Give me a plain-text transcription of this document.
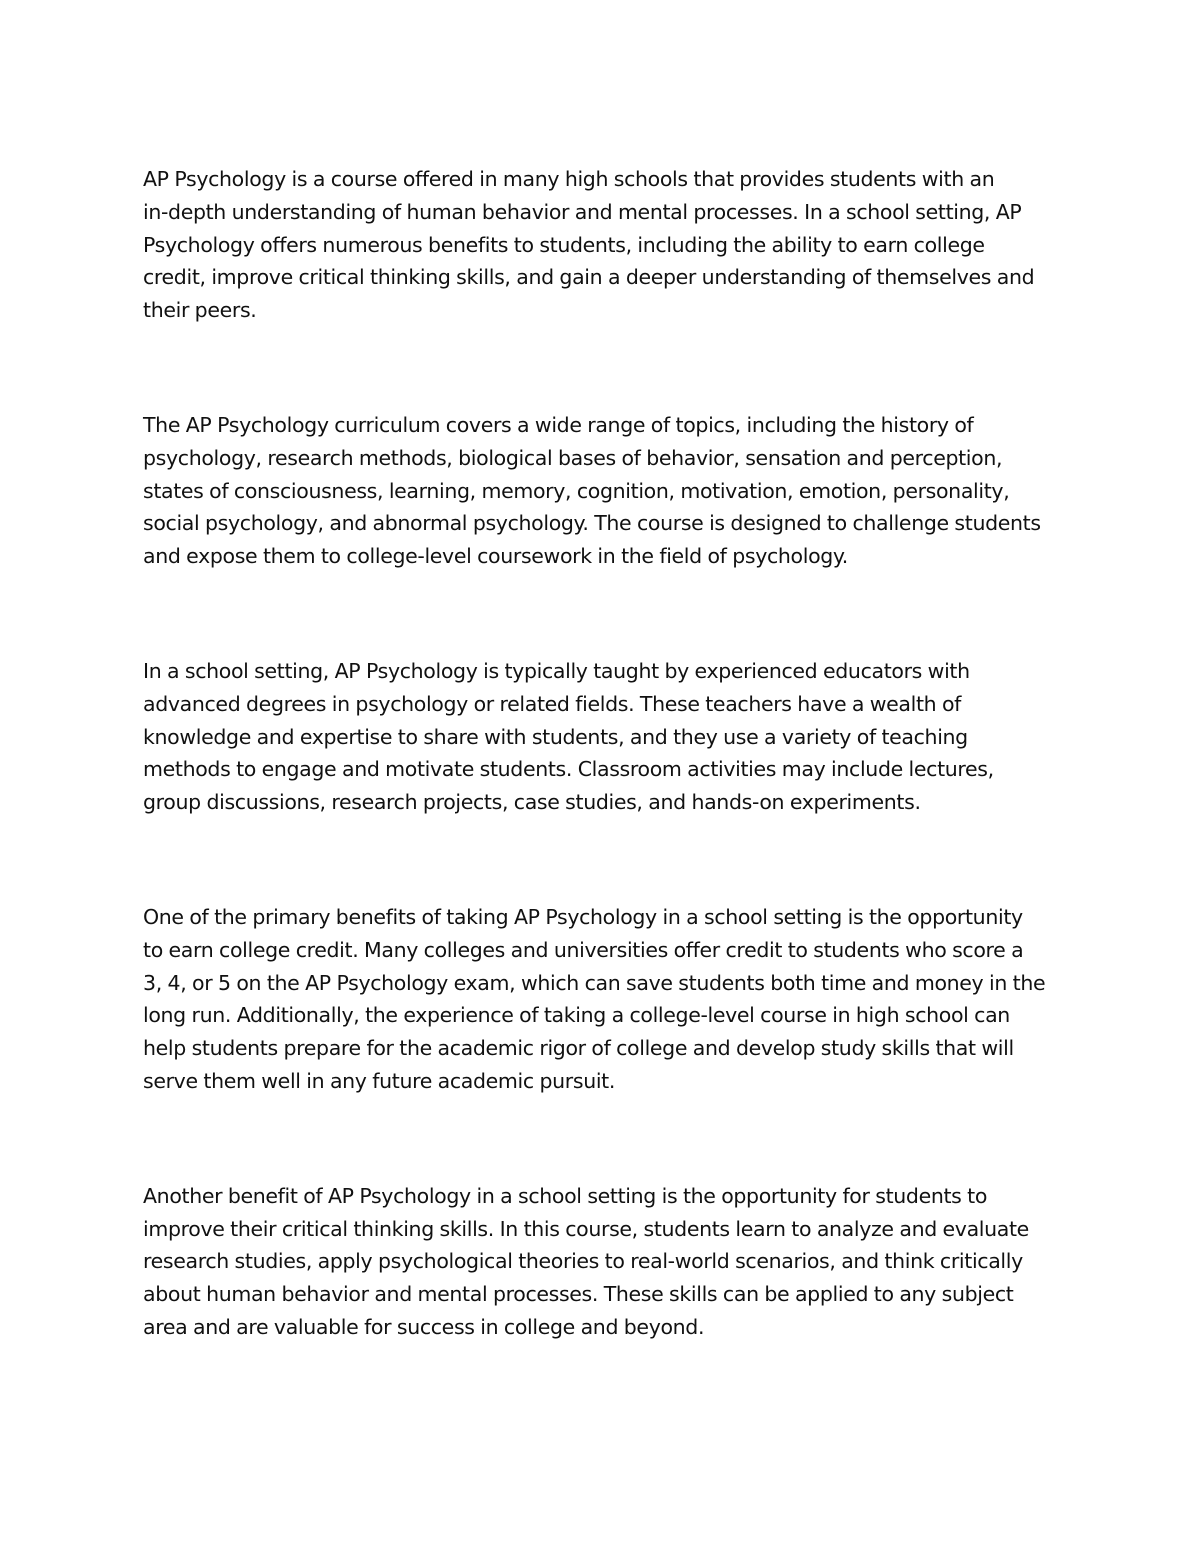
AP Psychology is a course offered in many high schools that provides students with an
in-depth understanding of human behavior and mental processes. In a school setting, AP
Psychology offers numerous benefits to students, including the ability to earn college
credit, improve critical thinking skills, and gain a deeper understanding of themselves and
their peers.

The AP Psychology curriculum covers a wide range of topics, including the history of
psychology, research methods, biological bases of behavior, sensation and perception,
states of consciousness, learning, memory, cognition, motivation, emotion, personality,
social psychology, and abnormal psychology. The course is designed to challenge students
and expose them to college-level coursework in the field of psychology.

In a school setting, AP Psychology is typically taught by experienced educators with
advanced degrees in psychology or related fields. These teachers have a wealth of
knowledge and expertise to share with students, and they use a variety of teaching
methods to engage and motivate students. Classroom activities may include lectures,
group discussions, research projects, case studies, and hands-on experiments.

One of the primary benefits of taking AP Psychology in a school setting is the opportunity
to earn college credit. Many colleges and universities offer credit to students who score a
3, 4, or 5 on the AP Psychology exam, which can save students both time and money in the
long run. Additionally, the experience of taking a college-level course in high school can
help students prepare for the academic rigor of college and develop study skills that will
serve them well in any future academic pursuit.

Another benefit of AP Psychology in a school setting is the opportunity for students to
improve their critical thinking skills. In this course, students learn to analyze and evaluate
research studies, apply psychological theories to real-world scenarios, and think critically
about human behavior and mental processes. These skills can be applied to any subject
area and are valuable for success in college and beyond.
